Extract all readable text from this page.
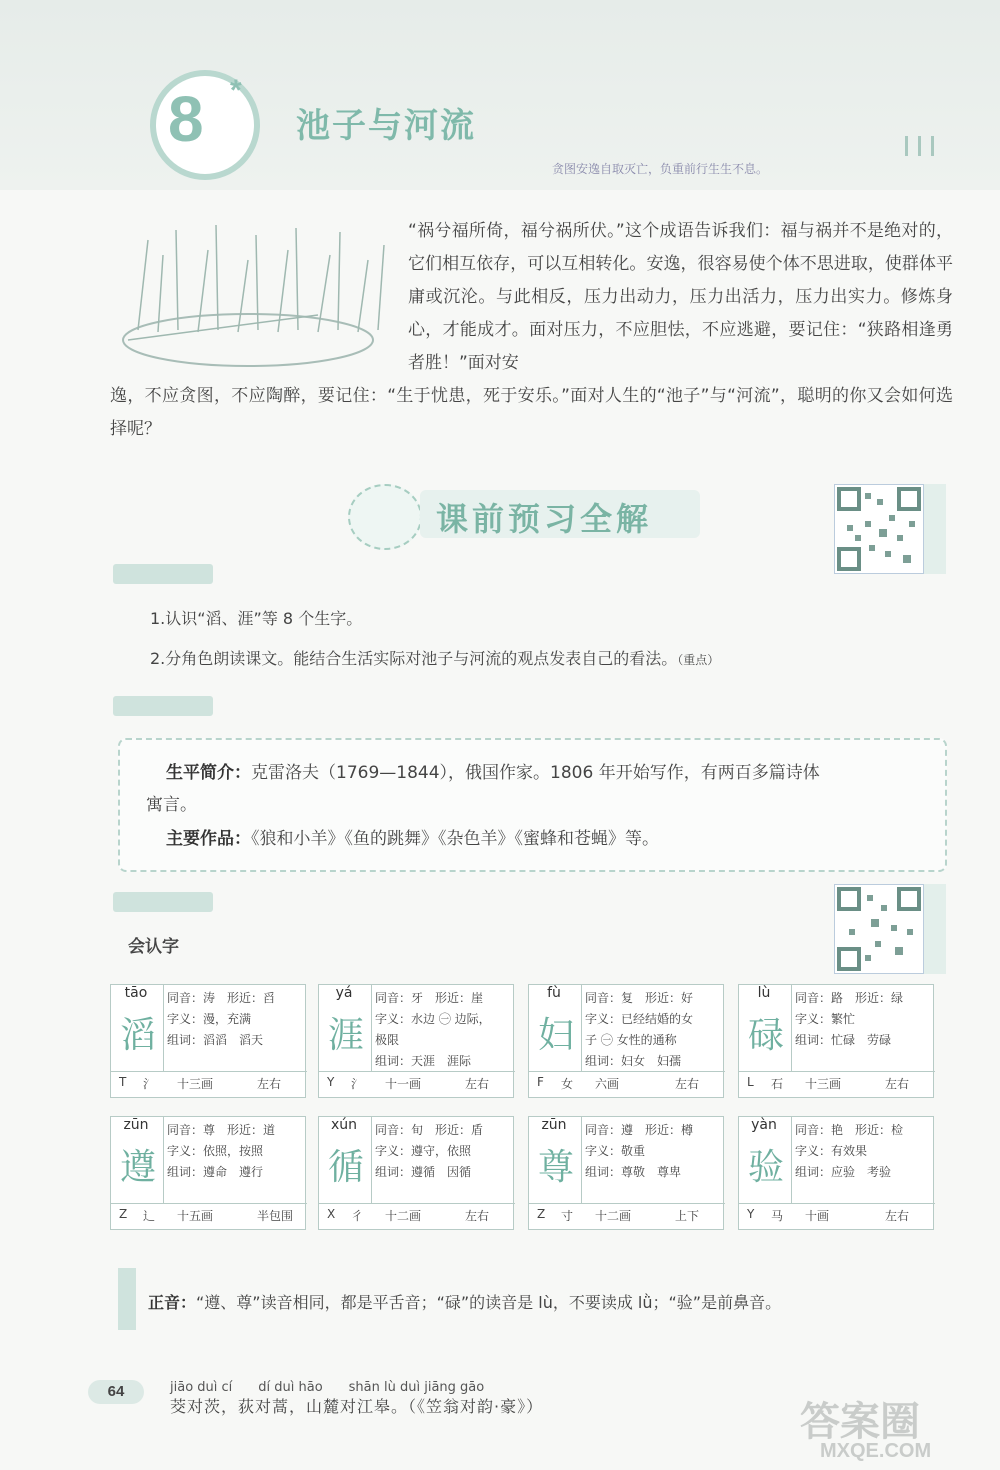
8 *
池子与河流
贪图安逸自取灭亡，负重前行生生不息。
“祸兮福所倚，福兮祸所伏。”这个成语告诉我们：福与祸并不是绝对的，它们相互依存，可以互相转化。安逸，很容易使个体不思进取，使群体平庸或沉沦。与此相反，压力出动力，压力出活力，压力出实力。修炼身心，才能成才。面对压力，不应胆怯，不应逃避，要记住：“狭路相逢勇者胜！”面对安
逸，不应贪图，不应陶醉，要记住：“生于忧患，死于安乐。”面对人生的“池子”与“河流”，聪明的你又会如何选择呢？
课前预习全解
1.认识“滔、涯”等 8 个生字。
2.分角色朗读课文。能结合生活实际对池子与河流的观点发表自己的看法。（重点）
生平简介：克雷洛夫（1769—1844），俄国作家。1806 年开始写作，有两百多篇诗体
寓言。
主要作品：《狼和小羊》《鱼的跳舞》《杂色羊》《蜜蜂和苍蝇》等。
会认字
tāo
滔
同音：涛　形近：舀
字义：漫，充满
组词：滔滔　滔天
T 氵 十三画	左右
yá
涯
同音：牙　形近：崖
字义：水边 ㊀ 边际，
极限
组词：天涯　涯际
Y 氵 十一画	左右
fù
妇
同音：复　形近：好
字义：已经结婚的女
子 ㊀ 女性的通称
组词：妇女　妇孺
F 女 六画	左右
lù
碌
同音：路　形近：绿
字义：繁忙
组词：忙碌　劳碌
L 石 十三画	左右
zūn
遵
同音：尊　形近：道
字义：依照，按照
组词：遵命　遵行
Z 辶 十五画	半包围
xún
循
同音：旬　形近：盾
字义：遵守，依照
组词：遵循　因循
X 彳 十二画	左右
zūn
尊
同音：遵　形近：樽
字义：敬重
组词：尊敬　尊卑
Z 寸 十二画	上下
yàn
验
同音：艳　形近：检
字义：有效果
组词：应验　考验
Y 马 十画	左右
正音：“遵、尊”读音相同，都是平舌音；“碌”的读音是 lù，不要读成 lǜ；“验”是前鼻音。
64	jiāo duì cí　　dí duì hāo　　shān lù duì jiāng gāo
茭对茨，荻对蒿，山麓对江皋。（《笠翁对韵·豪》）	答案圈
MXQE.COM
